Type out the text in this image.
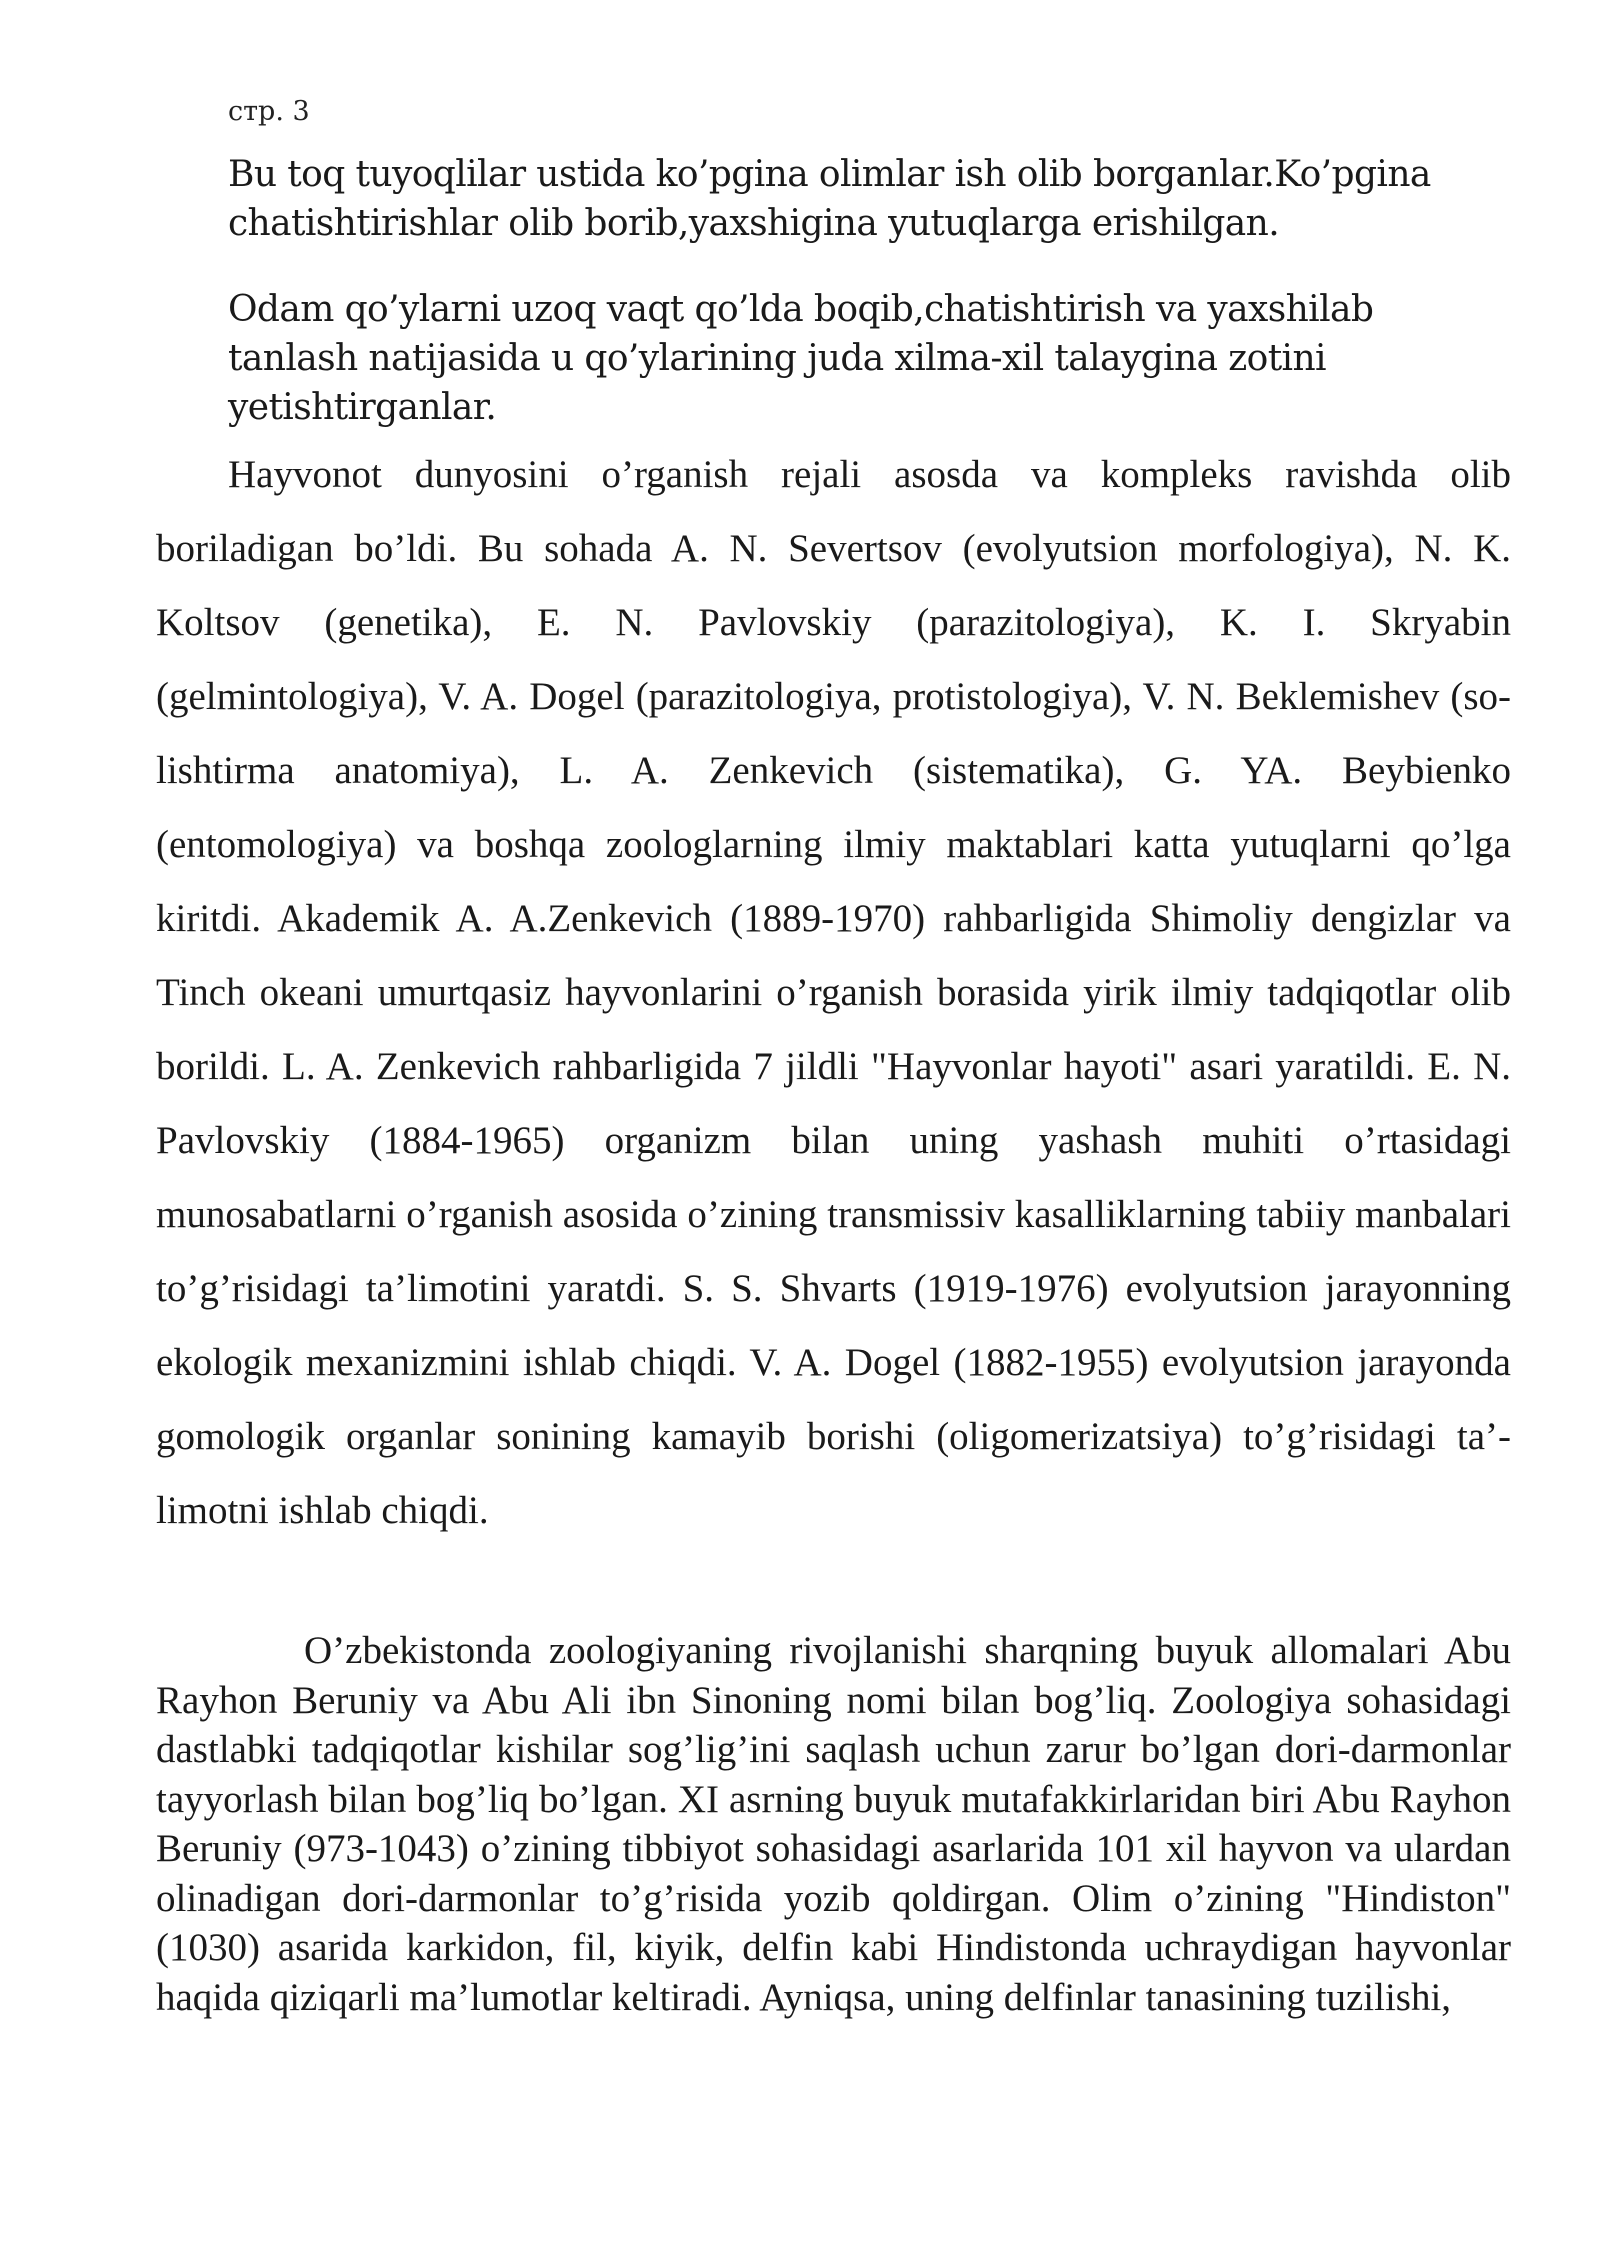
стр. 3

Bu toq tuyoqlilar ustida ko’pgina olimlar ish olib borganlar.Ko’pgina chatishtirishlar olib borib,yaxshigina yutuqlarga erishilgan.

Odam qo’ylarni uzoq vaqt qo’lda boqib,chatishtirish va yaxshilab tanlash natijasida u qo’ylarining juda xilma-xil talaygina zotini yetishtirganlar.

Hayvonot dunyosini o’rganish rejali asosda va kompleks ravishda olib boriladigan bo’ldi. Bu sohada A. N. Severtsov (evolyutsion morfologiya), N. K. Koltsov (genetika), E. N. Pavlovskiy (parazitologiya), K. I. Skryabin (gelmintologiya), V. A. Dogel (parazitologiya, protistologiya), V. N. Beklemishev (so-lishtirma anatomiya), L. A. Zenkevich (sistematika), G. YA. Beybienko (entomologiya) va boshqa zoologlarning ilmiy maktablari katta yutuqlarni qo’lga kiritdi. Akademik A. A.Zenkevich (1889-1970) rahbarligida Shimoliy dengizlar va Tinch okeani umurtqasiz hayvonlarini o’rganish borasida yirik ilmiy tadqiqotlar olib borildi. L. A. Zenkevich rahbarligida 7 jildli "Hayvonlar hayoti" asari yaratildi. E. N. Pavlovskiy (1884-1965) organizm bilan uning yashash muhiti o’rtasidagi munosabatlarni o’rganish asosida o’zining transmissiv kasalliklarning tabiiy manbalari to’g’risidagi ta’limotini yaratdi. S. S. Shvarts (1919-1976) evolyutsion jarayonning ekologik mexanizmini ishlab chiqdi. V. A. Dogel (1882-1955) evolyutsion jarayonda gomologik organlar sonining kamayib borishi (oligomerizatsiya) to’g’risidagi ta’-limotni ishlab chiqdi.

O’zbekistonda zoologiyaning rivojlanishi sharqning buyuk allomalari Abu Rayhon Beruniy va Abu Ali ibn Sinoning nomi bilan bog’liq. Zoologiya sohasidagi dastlabki tadqiqotlar kishilar sog’lig’ini saqlash uchun zarur bo’lgan dori-darmonlar tayyorlash bilan bog’liq bo’lgan. XI asrning buyuk mutafakkirlaridan biri Abu Rayhon Beruniy (973-1043) o’zining tibbiyot sohasidagi asarlarida 101 xil hayvon va ulardan olinadigan dori-darmonlar to’g’risida yozib qoldirgan. Olim o’zining "Hindiston" (1030) asarida karkidon, fil, kiyik, delfin kabi Hindistonda uchraydigan hayvonlar haqida qiziqarli ma’lumotlar keltiradi. Ayniqsa, uning delfinlar tanasining tuzilishi,
